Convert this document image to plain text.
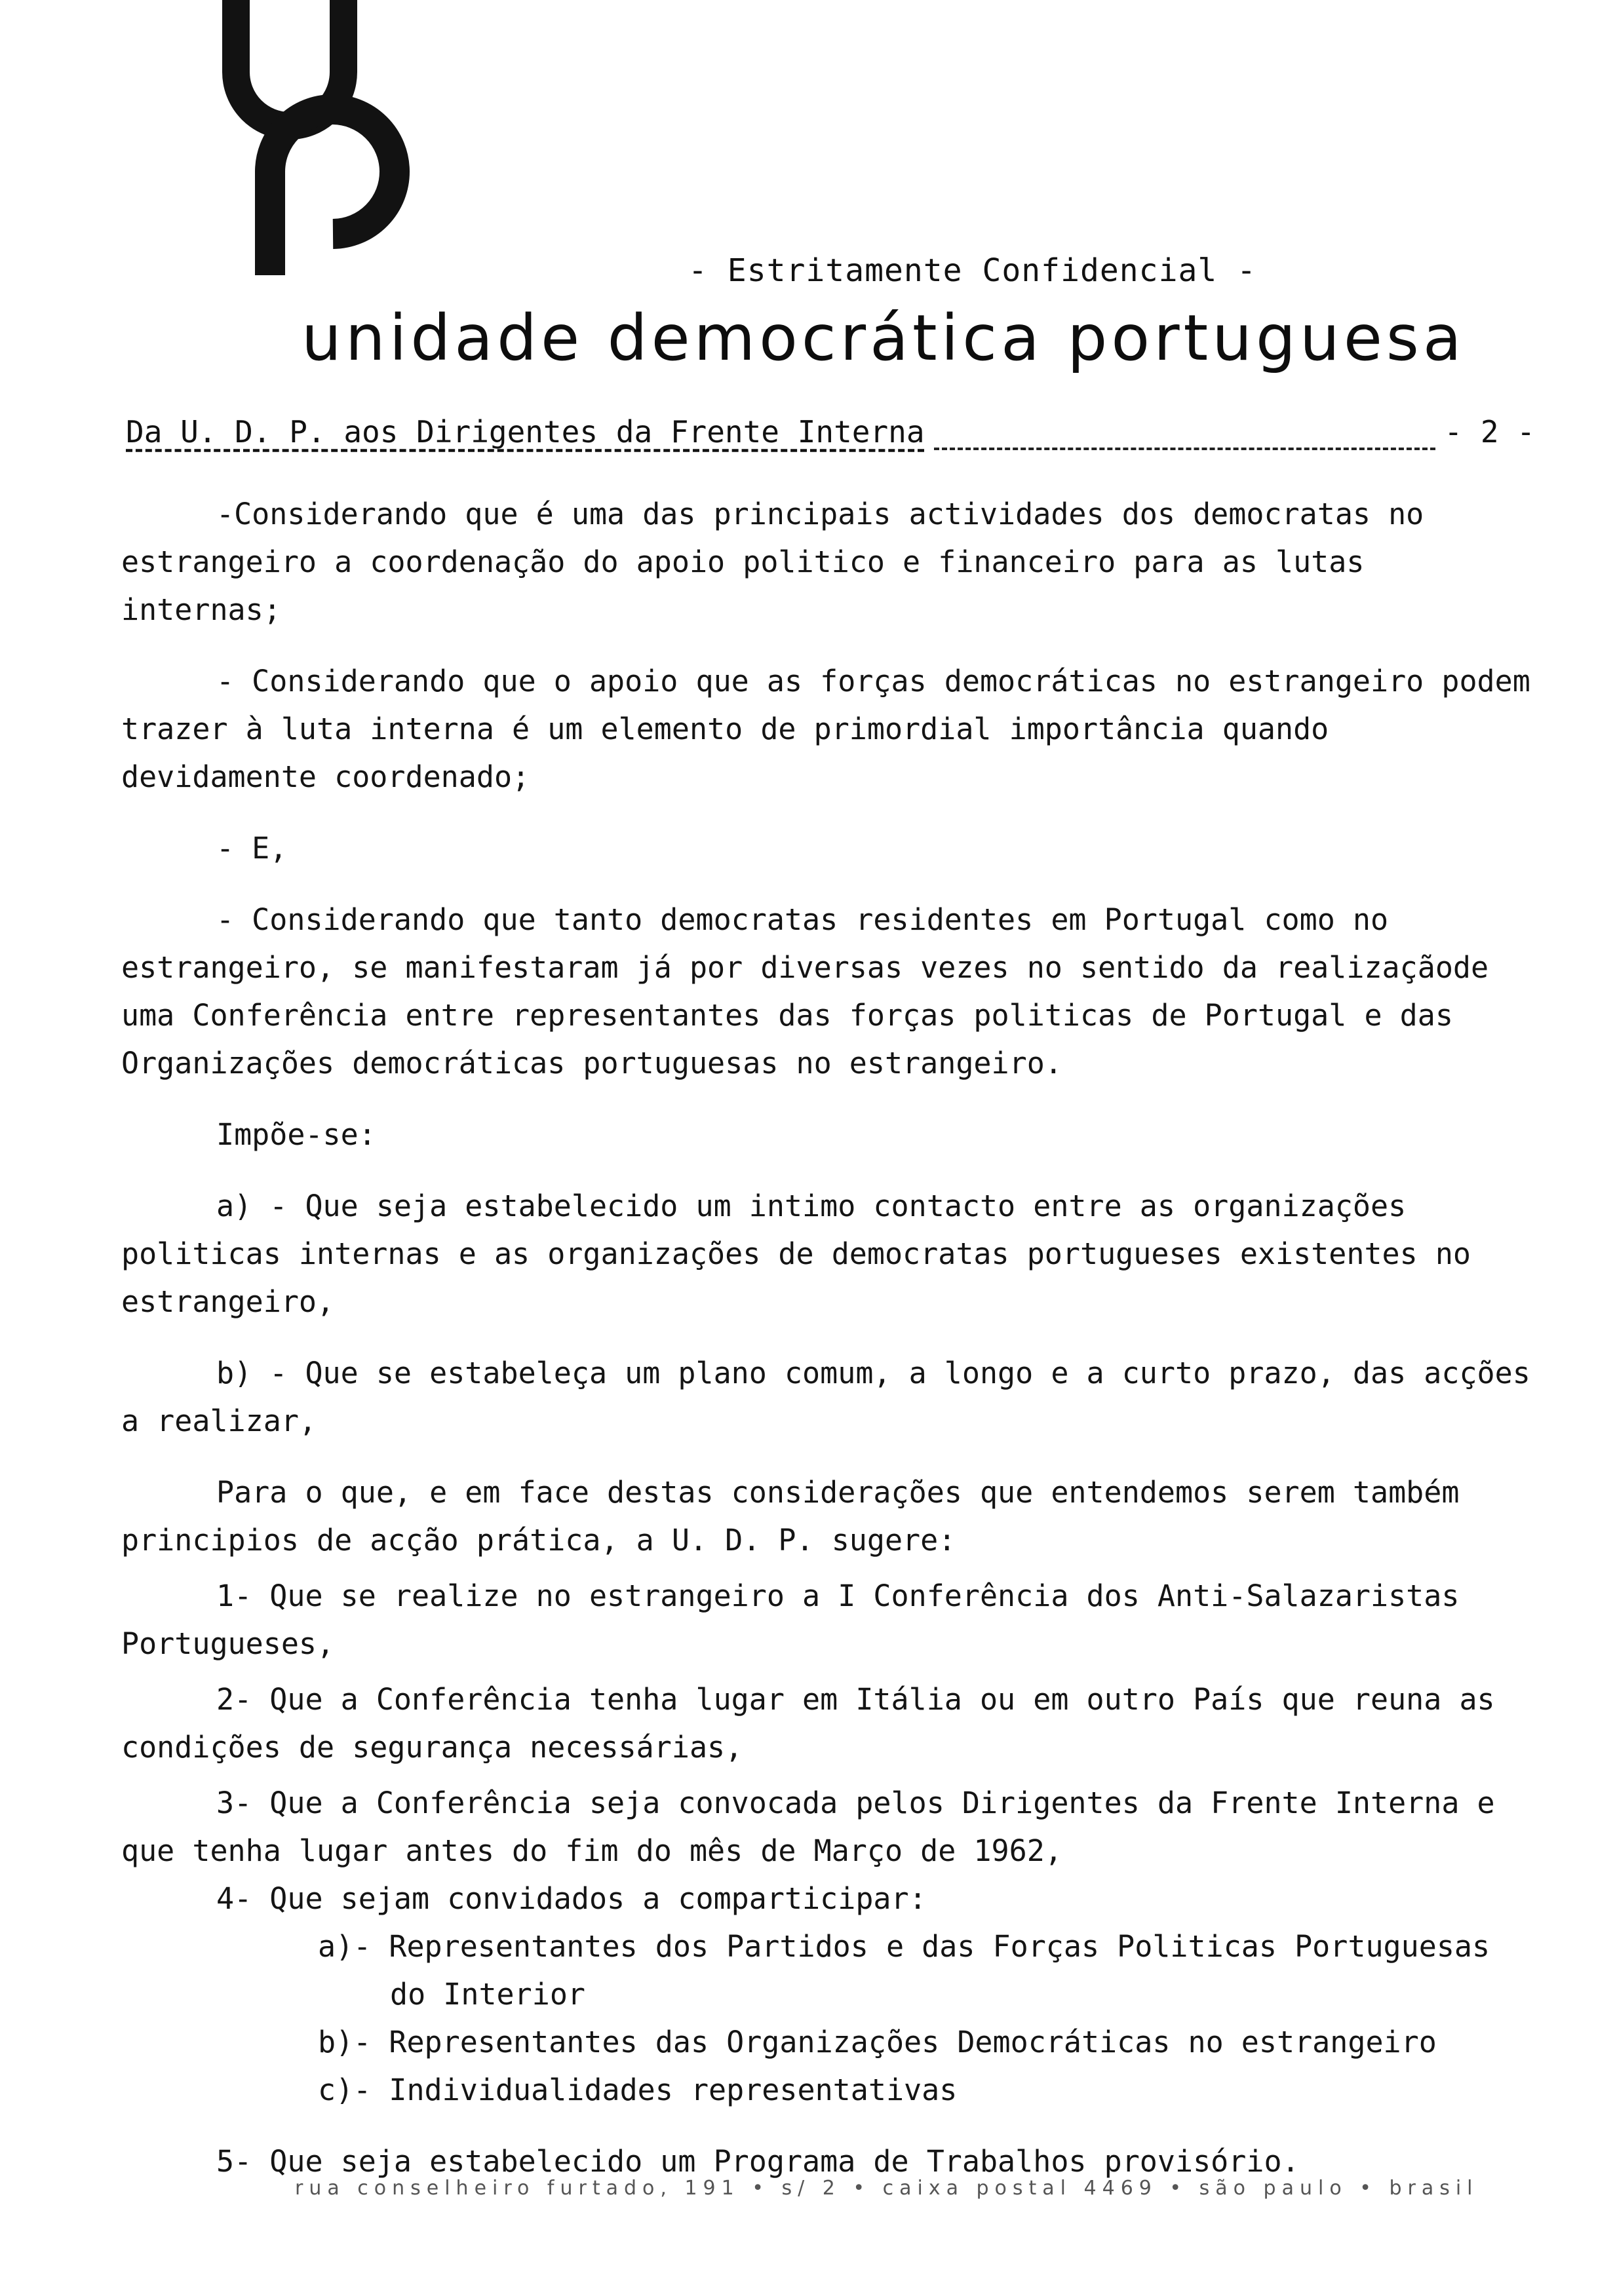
- Estritamente Confidencial -
unidade democrática portuguesa
Da U. D. P. aos Dirigentes da Frente Interna	- 2 -

-Considerando que é uma das principais actividades dos democratas no estrangeiro a coordenação do apoio politico e financeiro para as lutas internas;

- Considerando que o apoio que as forças democráticas no estrangeiro podem trazer à luta interna é um elemento de primordial importância quando devidamente coordenado;

- E,

- Considerando que tanto democratas residentes em Portugal como no estrangeiro, se manifestaram já por diversas vezes no sentido da realizaçãode uma Conferência entre representantes das forças politicas de Portugal e das Organizações democráticas portuguesas no estrangeiro.

Impõe-se:

a) - Que seja estabelecido um intimo contacto entre as organizações politicas internas e as organizações de democratas portugueses existentes no estrangeiro,

b) - Que se estabeleça um plano comum, a longo e a curto prazo, das acções a realizar,

Para o que, e em face destas considerações que entendemos serem também principios de acção prática, a U. D. P. sugere:

1- Que se realize no estrangeiro a I Conferência dos Anti-Salazaristas Portugueses,

2- Que a Conferência tenha lugar em Itália ou em outro País que reuna as condições de segurança necessárias,

3- Que a Conferência seja convocada pelos Dirigentes da Frente Interna e que tenha lugar antes do fim do mês de Março de 1962,

4- Que sejam convidados a comparticipar:

a)- Representantes dos Partidos e das Forças Politicas Portuguesas do Interior

b)- Representantes das Organizações Democráticas no estrangeiro

c)- Individualidades representativas

5- Que seja estabelecido um Programa de Trabalhos provisório.

rua conselheiro furtado, 191 • s/ 2 • caixa postal 4469 • são paulo • brasil
